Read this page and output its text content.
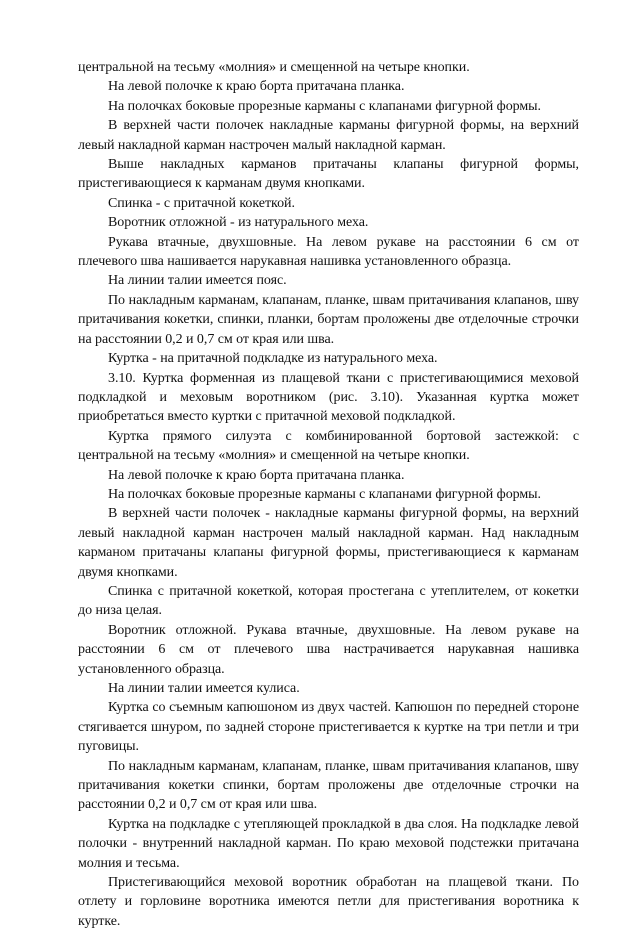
центральной на тесьму «молния» и смещенной на четыре кнопки.

На левой полочке к краю борта притачана планка.

На полочках боковые прорезные карманы с клапанами фигурной формы.

В верхней части полочек накладные карманы фигурной формы, на верхний левый накладной карман настрочен малый накладной карман.

Выше накладных карманов притачаны клапаны фигурной формы, пристегивающиеся к карманам двумя кнопками.

Спинка - с притачной кокеткой.

Воротник отложной - из натурального меха.

Рукава втачные, двухшовные. На левом рукаве на расстоянии 6 см от плечевого шва нашивается нарукавная нашивка установленного образца.

На линии талии имеется пояс.

По накладным карманам, клапанам, планке, швам притачивания клапанов, шву притачивания кокетки, спинки, планки, бортам проложены две отделочные строчки на расстоянии 0,2 и 0,7 см от края или шва.

Куртка - на притачной подкладке из натурального меха.

3.10. Куртка форменная из плащевой ткани с пристегивающимися меховой подкладкой и меховым воротником (рис. 3.10). Указанная куртка может приобретаться вместо куртки с притачной меховой подкладкой.

Куртка прямого силуэта с комбинированной бортовой застежкой: с центральной на тесьму «молния» и смещенной на четыре кнопки.

На левой полочке к краю борта притачана планка.

На полочках боковые прорезные карманы с клапанами фигурной формы.

В верхней части полочек - накладные карманы фигурной формы, на верхний левый накладной карман настрочен малый накладной карман. Над накладным карманом притачаны клапаны фигурной формы, пристегивающиеся к карманам двумя кнопками.

Спинка с притачной кокеткой, которая простегана с утеплителем, от кокетки до низа целая.

Воротник отложной. Рукава втачные, двухшовные. На левом рукаве на расстоянии 6 см от плечевого шва настрачивается нарукавная нашивка установленного образца.

На линии талии имеется кулиса.

Куртка со съемным капюшоном из двух частей. Капюшон по передней стороне стягивается шнуром, по задней стороне пристегивается к куртке на три петли и три пуговицы.

По накладным карманам, клапанам, планке, швам притачивания клапанов, шву притачивания кокетки спинки, бортам проложены две отделочные строчки на расстоянии 0,2 и 0,7 см от края или шва.

Куртка на подкладке с утепляющей прокладкой в два слоя. На подкладке левой полочки - внутренний накладной карман. По краю меховой подстежки притачана молния и тесьма.

Пристегивающийся меховой воротник обработан на плащевой ткани. По отлету и горловине воротника имеются петли для пристегивания воротника к куртке.
